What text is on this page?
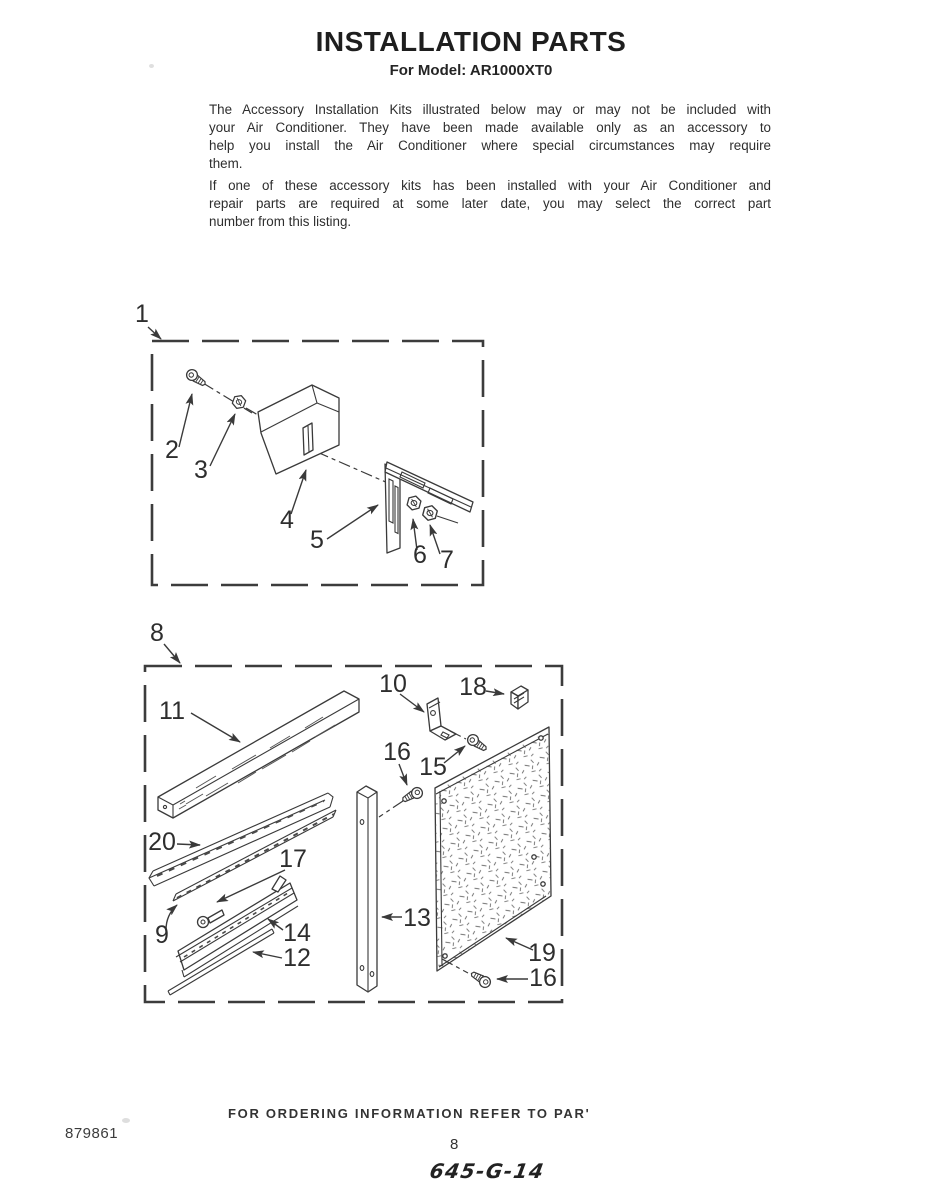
INSTALLATION PARTS
For Model: AR1000XT0
The Accessory Installation Kits illustrated below may or may not be included with
your Air Conditioner. They have been made available only as an accessory to
help you install the Air Conditioner where special circumstances may require
them.
If one of these accessory kits has been installed with your Air Conditioner and
repair parts are required at some later date, you may select the correct part
number from this listing.
1
2
3
4
5
6 7
8
9
10
11
12
13
14
15
16
16
17
18
19
20
FOR ORDERING INFORMATION REFER TO PAR'
879861
8
645-G-14
